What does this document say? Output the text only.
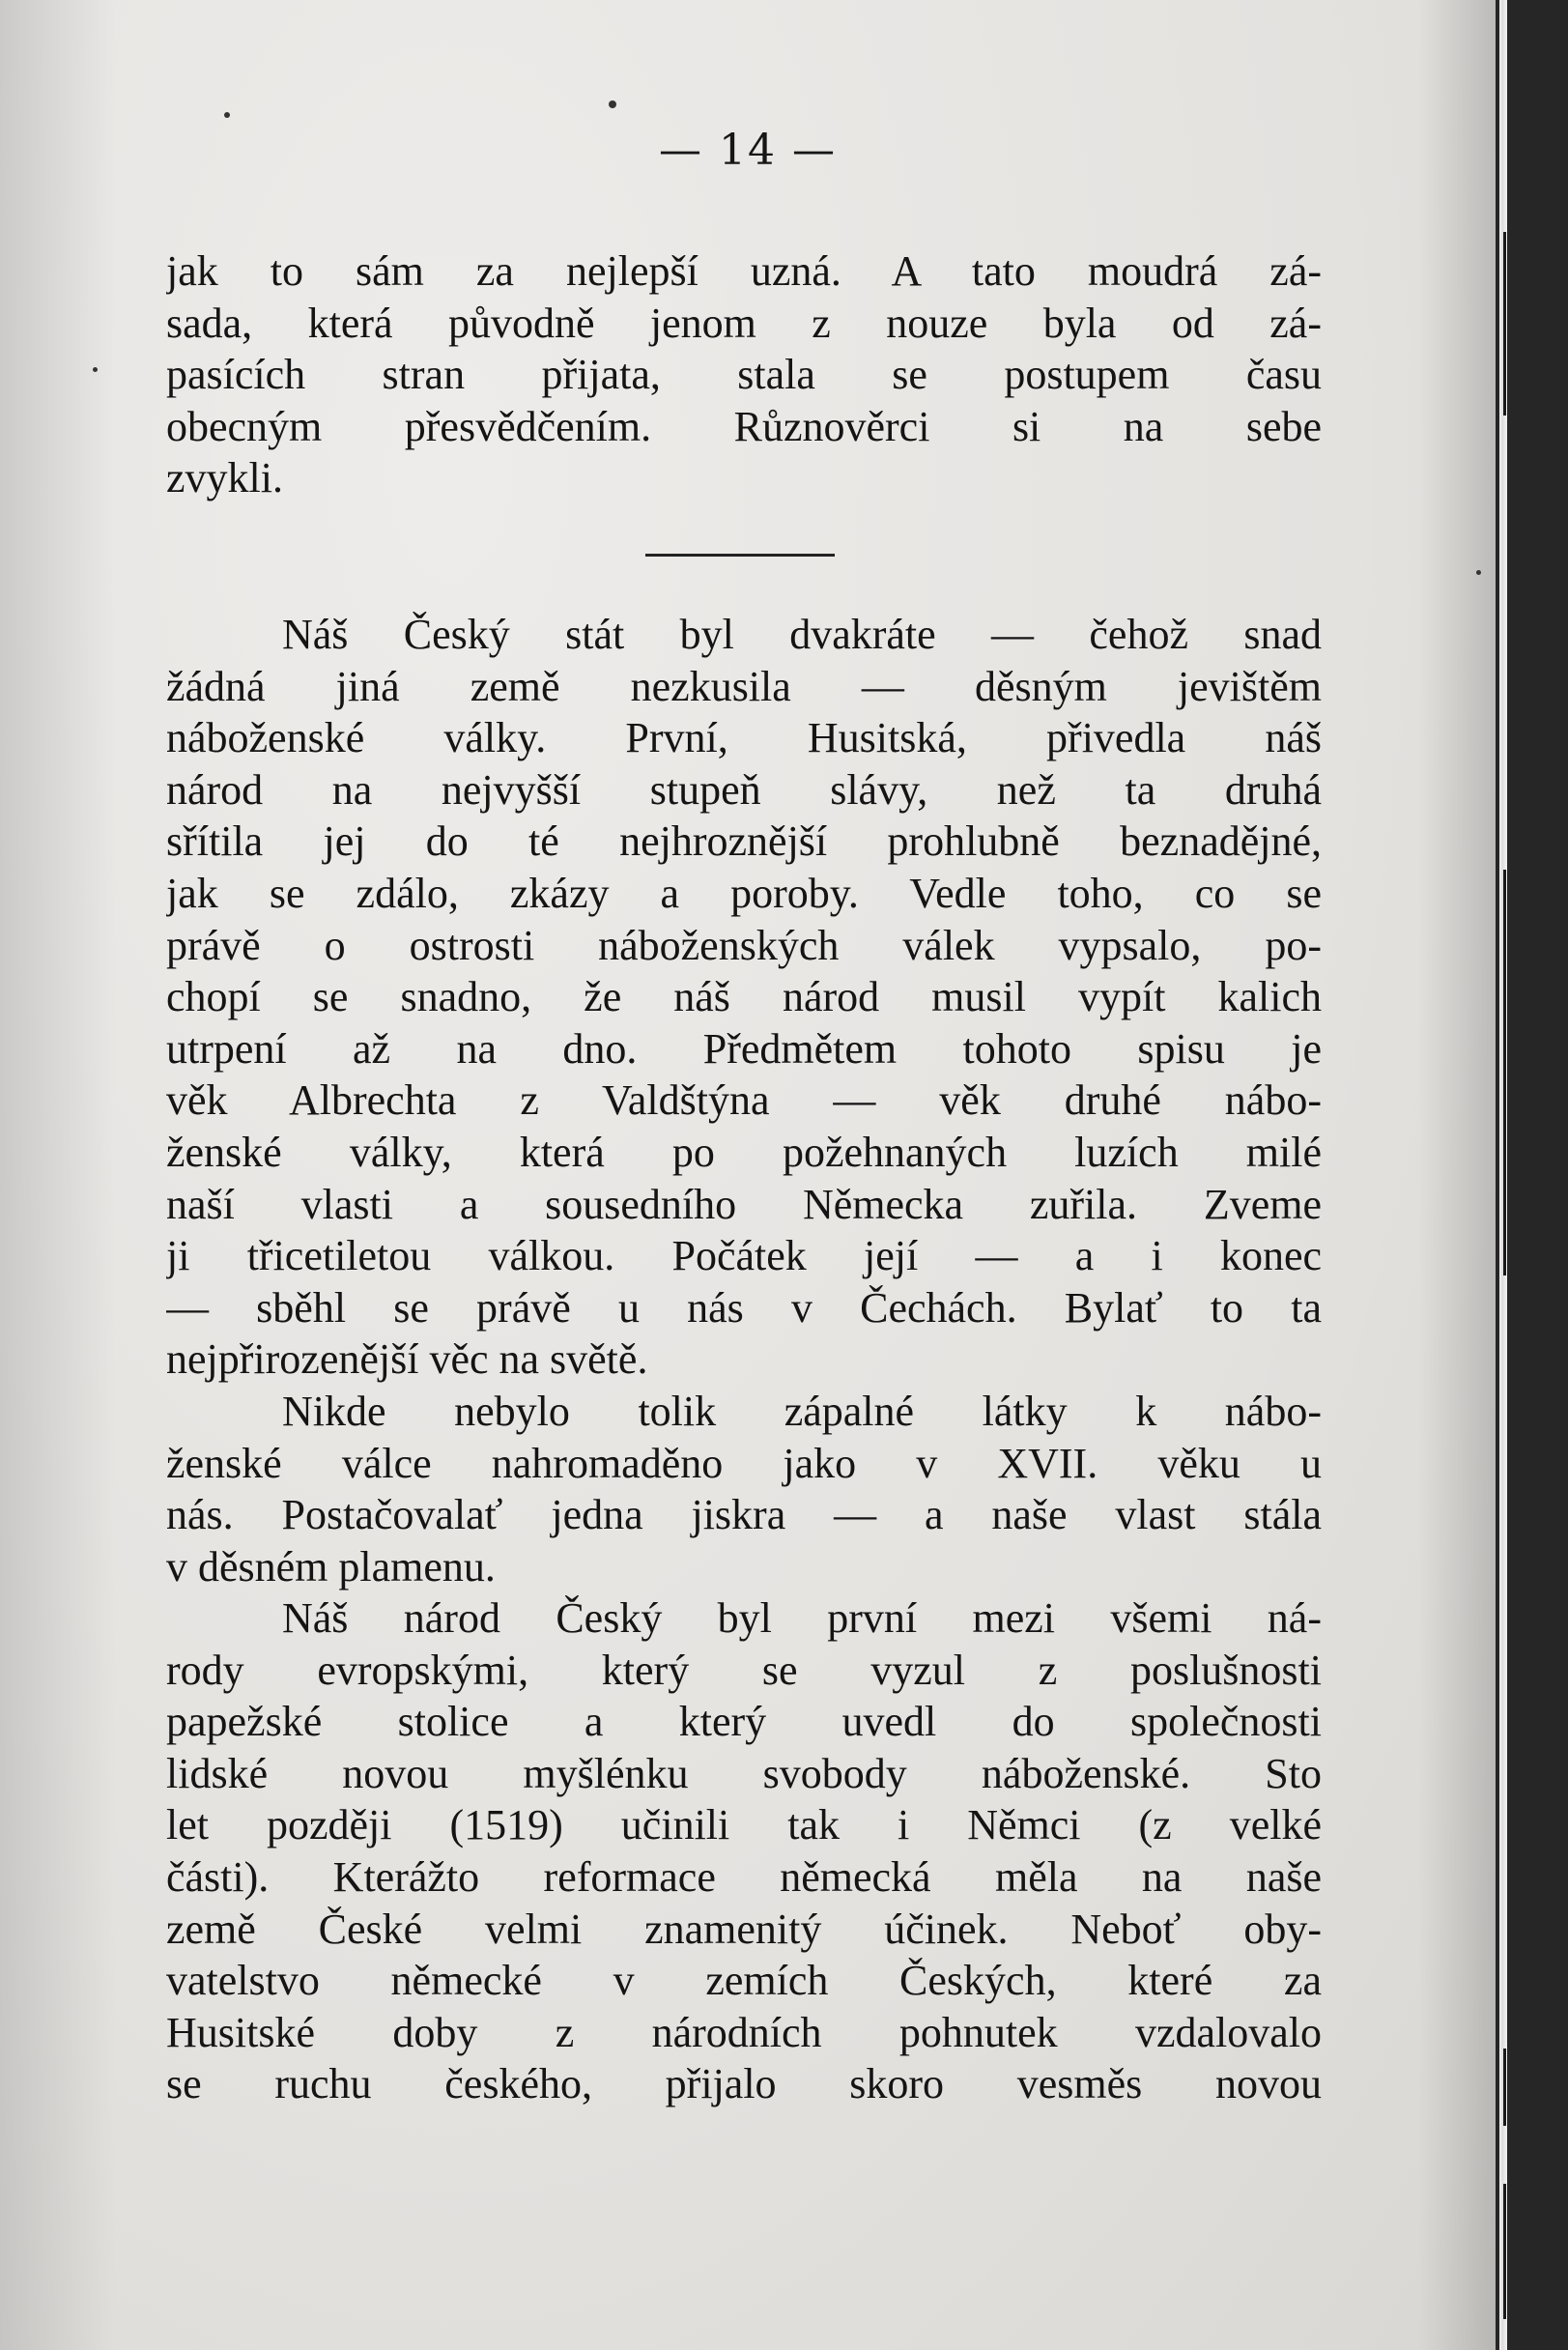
— 14 —
jak to sám za nejlepší uzná. A tato moudrá zá-
sada, která původně jenom z nouze byla od zá-
pasících stran přijata, stala se postupem času
obecným přesvědčením. Různověrci si na sebe
zvykli.
Náš Český stát byl dvakráte — čehož snad
žádná jiná země nezkusila — děsným jevištěm
náboženské války. První, Husitská, přivedla náš
národ na nejvyšší stupeň slávy, než ta druhá
sřítila jej do té nejhroznější prohlubně beznadějné,
jak se zdálo, zkázy a poroby. Vedle toho, co se
právě o ostrosti náboženských válek vypsalo, po-
chopí se snadno, že náš národ musil vypít kalich
utrpení až na dno. Předmětem tohoto spisu je
věk Albrechta z Valdštýna — věk druhé nábo-
ženské války, která po požehnaných luzích milé
naší vlasti a sousedního Německa zuřila. Zveme
ji třicetiletou válkou. Počátek její — a i konec
— sběhl se právě u nás v Čechách. Bylať to ta
nejpřirozenější věc na světě.
Nikde nebylo tolik zápalné látky k nábo-
ženské válce nahromaděno jako v XVII. věku u
nás. Postačovalať jedna jiskra — a naše vlast stála
v děsném plamenu.
Náš národ Český byl první mezi všemi ná-
rody evropskými, který se vyzul z poslušnosti
papežské stolice a který uvedl do společnosti
lidské novou myšlénku svobody náboženské. Sto
let později (1519) učinili tak i Němci (z velké
části). Kterážto reformace německá měla na naše
země České velmi znamenitý účinek. Neboť oby-
vatelstvo německé v zemích Českých, které za
Husitské doby z národních pohnutek vzdalovalo
se ruchu českého, přijalo skoro vesměs novou
